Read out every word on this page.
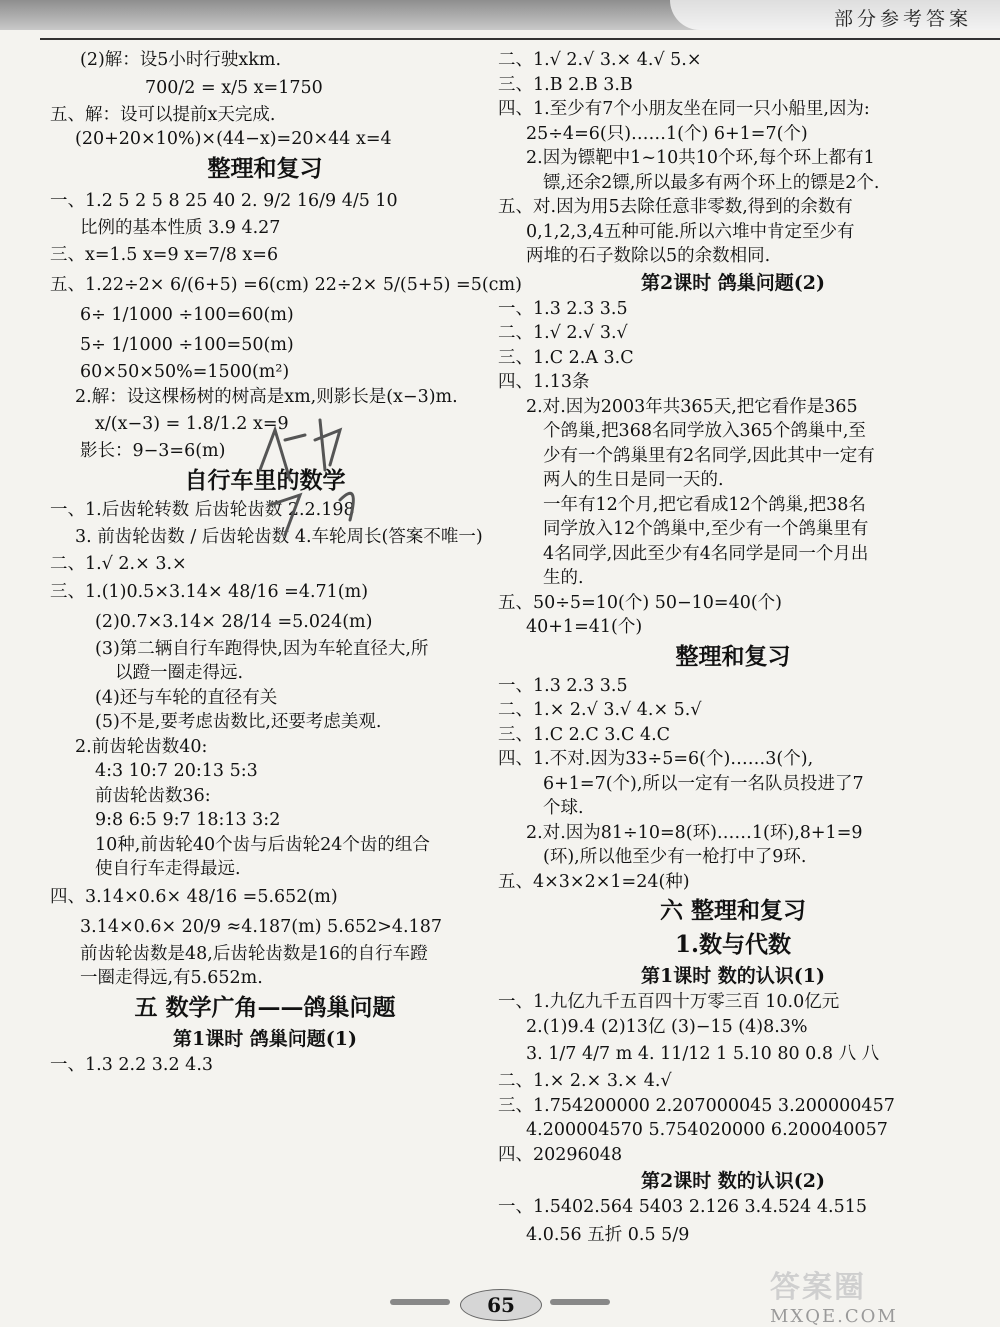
部分参考答案
(2)解：设5小时行驶xkm.
700/2 = x/5 x=1750
五、解：设可以提前x天完成.
(20+20×10%)×(44−x)=20×44 x=4
整理和复习
一、1.2 5 2 5 8 25 40 2. 9/2 16/9 4/5 10
比例的基本性质 3.9 4.27
三、x=1.5 x=9 x=7/8 x=6
五、1.22÷2× 6/(6+5) =6(cm) 22÷2× 5/(5+5) =5(cm)
6÷ 1/1000 ÷100=60(m)
5÷ 1/1000 ÷100=50(m)
60×50×50%=1500(m²)
2.解：设这棵杨树的树高是xm,则影长是(x−3)m.
x/(x−3) = 1.8/1.2 x=9
影长：9−3=6(m)
自行车里的数学
一、1.后齿轮转数 后齿轮齿数 2.2.198
3. 前齿轮齿数 / 后齿轮齿数 4.车轮周长(答案不唯一)
二、1.√ 2.× 3.×
三、1.(1)0.5×3.14× 48/16 =4.71(m)
(2)0.7×3.14× 28/14 =5.024(m)
(3)第二辆自行车跑得快,因为车轮直径大,所
以蹬一圈走得远.
(4)还与车轮的直径有关
(5)不是,要考虑齿数比,还要考虑美观.
2.前齿轮齿数40:
4:3 10:7 20:13 5:3
前齿轮齿数36:
9:8 6:5 9:7 18:13 3:2
10种,前齿轮40个齿与后齿轮24个齿的组合
使自行车走得最远.
四、3.14×0.6× 48/16 =5.652(m)
3.14×0.6× 20/9 ≈4.187(m) 5.652>4.187
前齿轮齿数是48,后齿轮齿数是16的自行车蹬
一圈走得远,有5.652m.
五 数学广角——鸽巢问题
第1课时 鸽巢问题(1)
一、1.3 2.2 3.2 4.3
二、1.√ 2.√ 3.× 4.√ 5.×
三、1.B 2.B 3.B
四、1.至少有7个小朋友坐在同一只小船里,因为:
25÷4=6(只)……1(个) 6+1=7(个)
2.因为镖靶中1~10共10个环,每个环上都有1
镖,还余2镖,所以最多有两个环上的镖是2个.
五、对.因为用5去除任意非零数,得到的余数有
0,1,2,3,4五种可能.所以六堆中肯定至少有
两堆的石子数除以5的余数相同.
第2课时 鸽巢问题(2)
一、1.3 2.3 3.5
二、1.√ 2.√ 3.√
三、1.C 2.A 3.C
四、1.13条
2.对.因为2003年共365天,把它看作是365
个鸽巢,把368名同学放入365个鸽巢中,至
少有一个鸽巢里有2名同学,因此其中一定有
两人的生日是同一天的.
一年有12个月,把它看成12个鸽巢,把38名
同学放入12个鸽巢中,至少有一个鸽巢里有
4名同学,因此至少有4名同学是同一个月出
生的.
五、50÷5=10(个) 50−10=40(个)
40+1=41(个)
整理和复习
一、1.3 2.3 3.5
二、1.× 2.√ 3.√ 4.× 5.√
三、1.C 2.C 3.C 4.C
四、1.不对.因为33÷5=6(个)……3(个),
6+1=7(个),所以一定有一名队员投进了7
个球.
2.对.因为81÷10=8(环)……1(环),8+1=9
(环),所以他至少有一枪打中了9环.
五、4×3×2×1=24(种)
六 整理和复习
1.数与代数
第1课时 数的认识(1)
一、1.九亿九千五百四十万零三百 10.0亿元
2.(1)9.4 (2)13亿 (3)−15 (4)8.3%
3. 1/7 4/7 m 4. 11/12 1 5.10 80 0.8 八 八
二、1.× 2.× 3.× 4.√
三、1.754200000 2.207000045 3.200000457
4.200004570 5.754020000 6.200040057
四、20296048
第2课时 数的认识(2)
一、1.5402.564 5403 2.126 3.4.524 4.515
4.0.56 五折 0.5 5/9
65	答案圈
MXQE.COM
